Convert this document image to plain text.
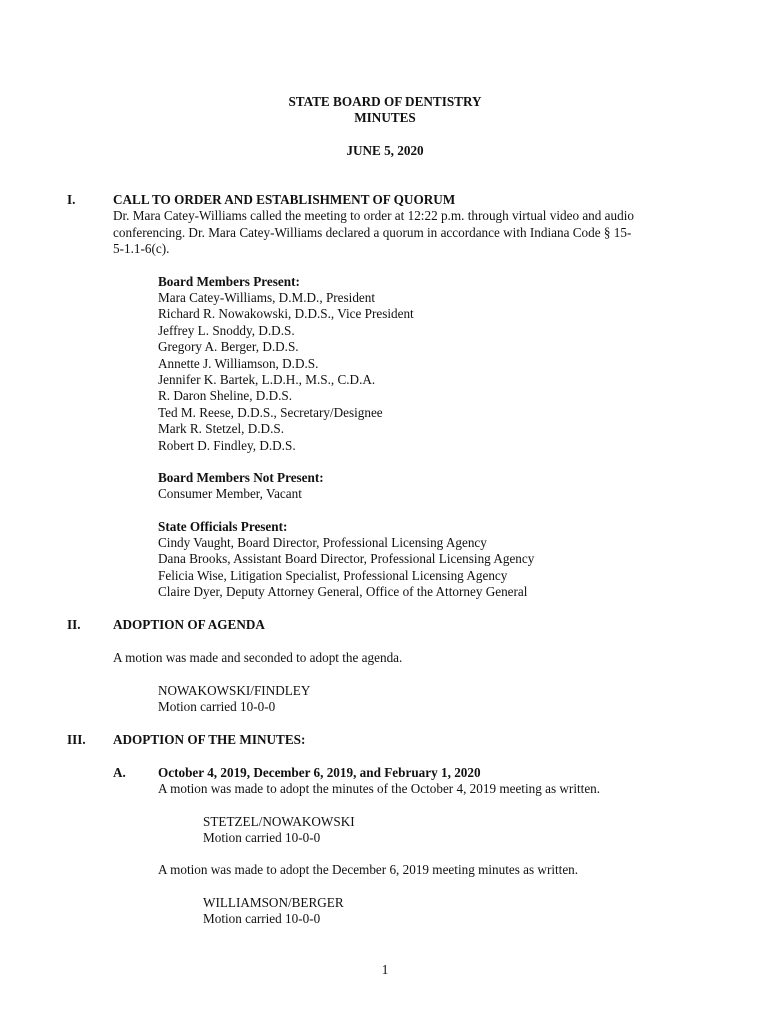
STATE BOARD OF DENTISTRY
MINUTES
JUNE 5, 2020
I.	CALL TO ORDER AND ESTABLISHMENT OF QUORUM
Dr. Mara Catey-Williams called the meeting to order at 12:22 p.m. through virtual video and audio
conferencing. Dr. Mara Catey-Williams declared a quorum in accordance with Indiana Code § 15-
5-1.1-6(c).
Board Members Present:
Mara Catey-Williams, D.M.D., President
Richard R. Nowakowski, D.D.S., Vice President
Jeffrey L. Snoddy, D.D.S.
Gregory A. Berger, D.D.S.
Annette J. Williamson, D.D.S.
Jennifer K. Bartek, L.D.H., M.S., C.D.A.
R. Daron Sheline, D.D.S.
Ted M. Reese, D.D.S., Secretary/Designee
Mark R. Stetzel, D.D.S.
Robert D. Findley, D.D.S.
Board Members Not Present:
Consumer Member, Vacant
State Officials Present:
Cindy Vaught, Board Director, Professional Licensing Agency
Dana Brooks, Assistant Board Director, Professional Licensing Agency
Felicia Wise, Litigation Specialist, Professional Licensing Agency
Claire Dyer, Deputy Attorney General, Office of the Attorney General
II. ADOPTION OF AGENDA
A motion was made and seconded to adopt the agenda.
NOWAKOWSKI/FINDLEY
Motion carried 10-0-0
III. ADOPTION OF THE MINUTES:
A. October 4, 2019, December 6, 2019, and February 1, 2020
A motion was made to adopt the minutes of the October 4, 2019 meeting as written.
STETZEL/NOWAKOWSKI
Motion carried 10-0-0
A motion was made to adopt the December 6, 2019 meeting minutes as written.
WILLIAMSON/BERGER
Motion carried 10-0-0
1
